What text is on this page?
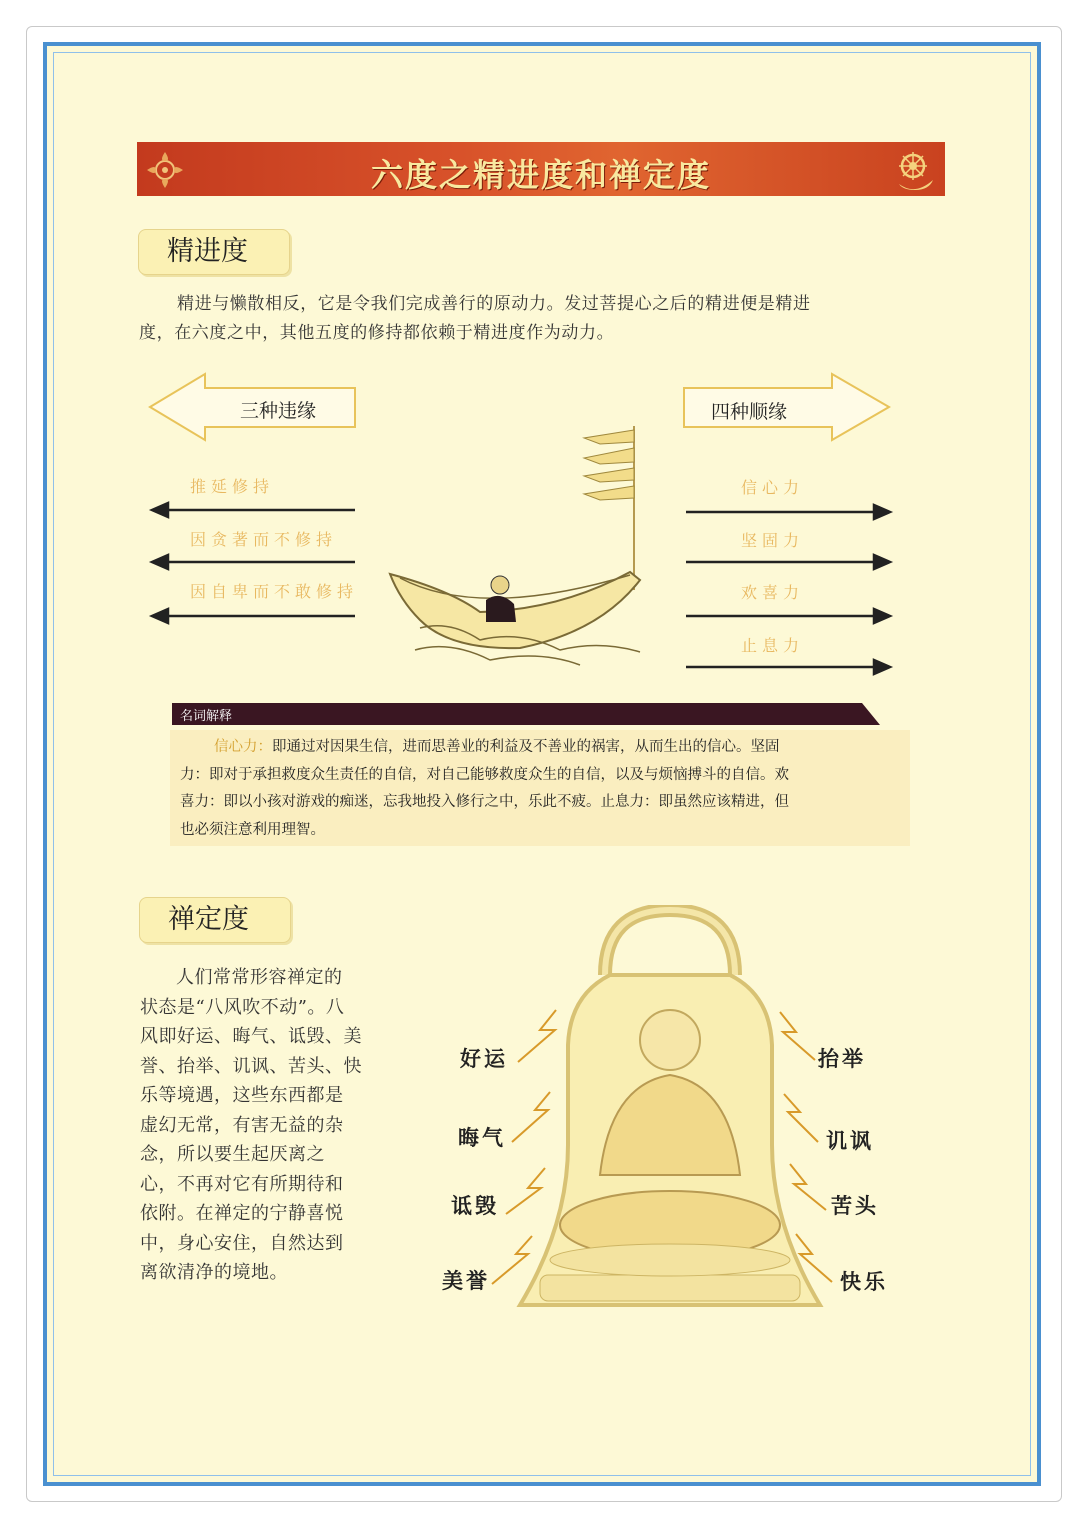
六度之精进度和禅定度
精进度
精进与懒散相反，它是令我们完成善行的原动力。发过菩提心之后的精进便是精进
度，在六度之中，其他五度的修持都依赖于精进度作为动力。
三种违缘	四种顺缘
推延修持
因贪著而不修持
因自卑而不敢修持
信心力
坚固力
欢喜力
止息力
名词解释
信心力：即通过对因果生信，进而思善业的利益及不善业的祸害，从而生出的信心。坚固
力：即对于承担救度众生责任的自信，对自己能够救度众生的自信，以及与烦恼搏斗的自信。欢
喜力：即以小孩对游戏的痴迷，忘我地投入修行之中，乐此不疲。止息力：即虽然应该精进，但
也必须注意利用理智。
禅定度
人们常常形容禅定的
状态是“八风吹不动”。八
风即好运、晦气、诋毁、美
誉、抬举、讥讽、苦头、快
乐等境遇，这些东西都是
虚幻无常，有害无益的杂
念，所以要生起厌离之
心，不再对它有所期待和
依附。在禅定的宁静喜悦
中，身心安住，自然达到
离欲清净的境地。
好运
晦气
诋毁
美誉
抬举
讥讽
苦头
快乐
